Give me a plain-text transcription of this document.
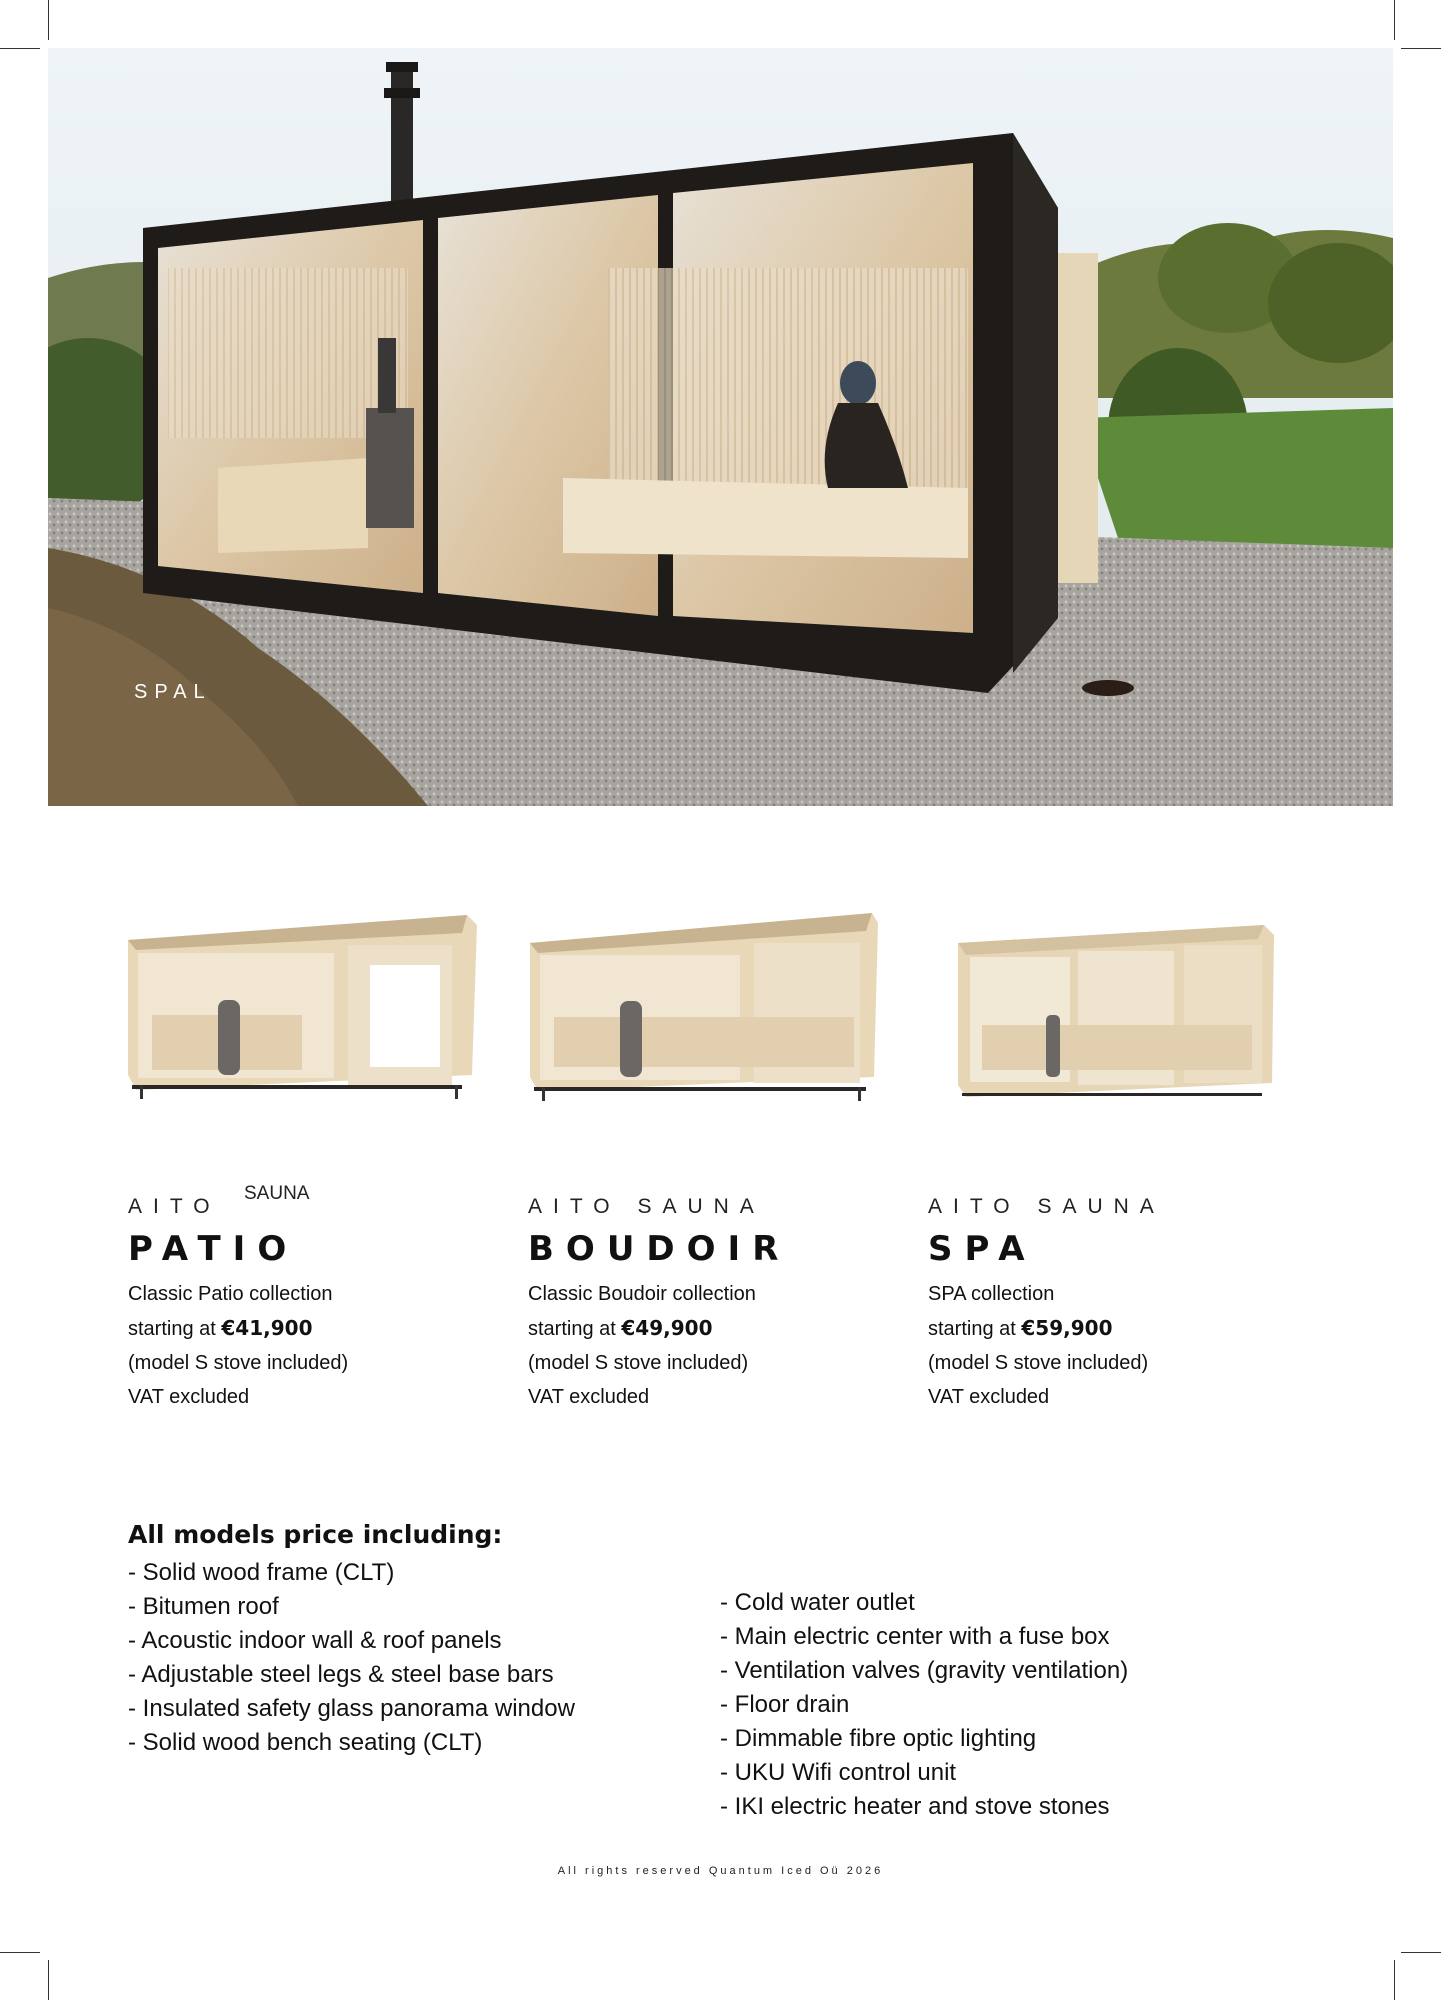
SPAL
AITO
SAUNA
PATIO
Classic Patio collection
starting at €41,900
(model S stove included)
VAT excluded
AITO SAUNA
BOUDOIR
Classic Boudoir collection
starting at €49,900
(model S stove included)
VAT excluded
AITO SAUNA
SPA
SPA collection
starting at €59,900
(model S stove included)
VAT excluded
All models price including:
- Solid wood frame (CLT)
- Bitumen roof
- Acoustic indoor wall & roof panels
- Adjustable steel legs & steel base bars
- Insulated safety glass panorama window
- Solid wood bench seating (CLT)
- Cold water outlet
- Main electric center with a fuse box
- Ventilation valves (gravity ventilation)
- Floor drain
- Dimmable fibre optic lighting
- UKU Wifi control unit
- IKI electric heater and stove stones
All rights reserved Quantum Iced Oü 2026
